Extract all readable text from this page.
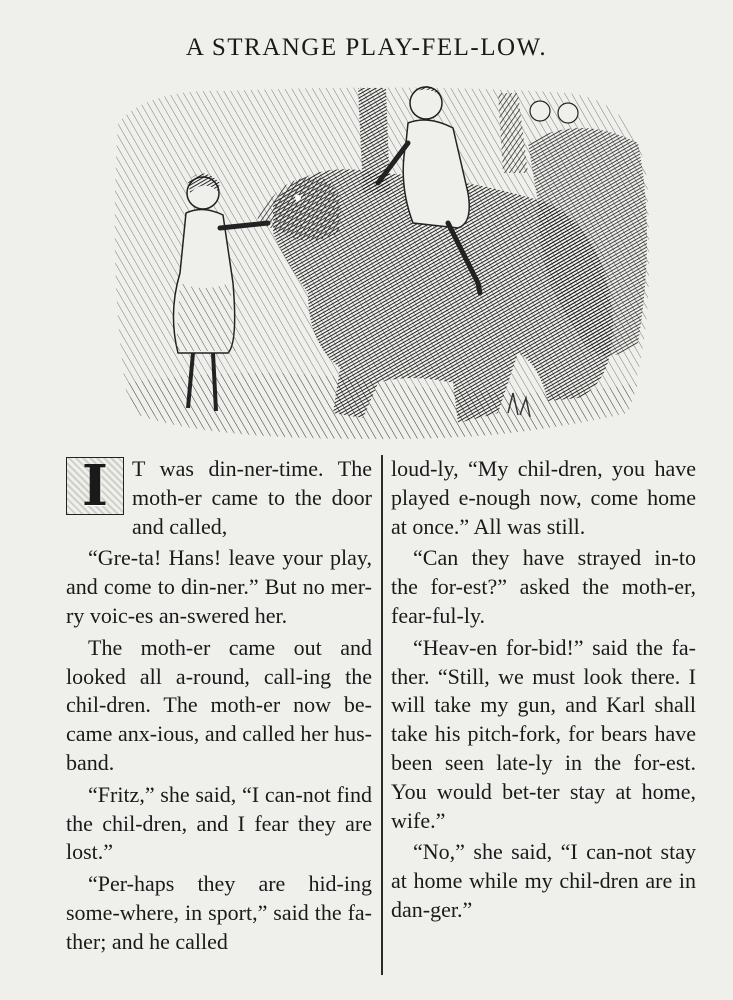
A STRANGE PLAY-FEL-LOW.

I T was din-ner-time. The moth-er came to the door and called,

“Gre-ta! Hans! leave your play, and come to din-ner.” But no mer-ry voic-es an-swered her.

The moth-er came out and looked all a-round, call-ing the chil-dren. The moth-er now be-came anx-ious, and called her hus-band.

“Fritz,” she said, “I can-not find the chil-dren, and I fear they are lost.”

“Per-haps they are hid-ing some-where, in sport,” said the fa-ther; and he called

loud-ly, “My chil-dren, you have played e-nough now, come home at once.” All was still.

“Can they have strayed in-to the for-est?” asked the moth-er, fear-ful-ly.

“Heav-en for-bid!” said the fa-ther. “Still, we must look there. I will take my gun, and Karl shall take his pitch-fork, for bears have been seen late-ly in the for-est. You would bet-ter stay at home, wife.”

“No,” she said, “I can-not stay at home while my chil-dren are in dan-ger.”
